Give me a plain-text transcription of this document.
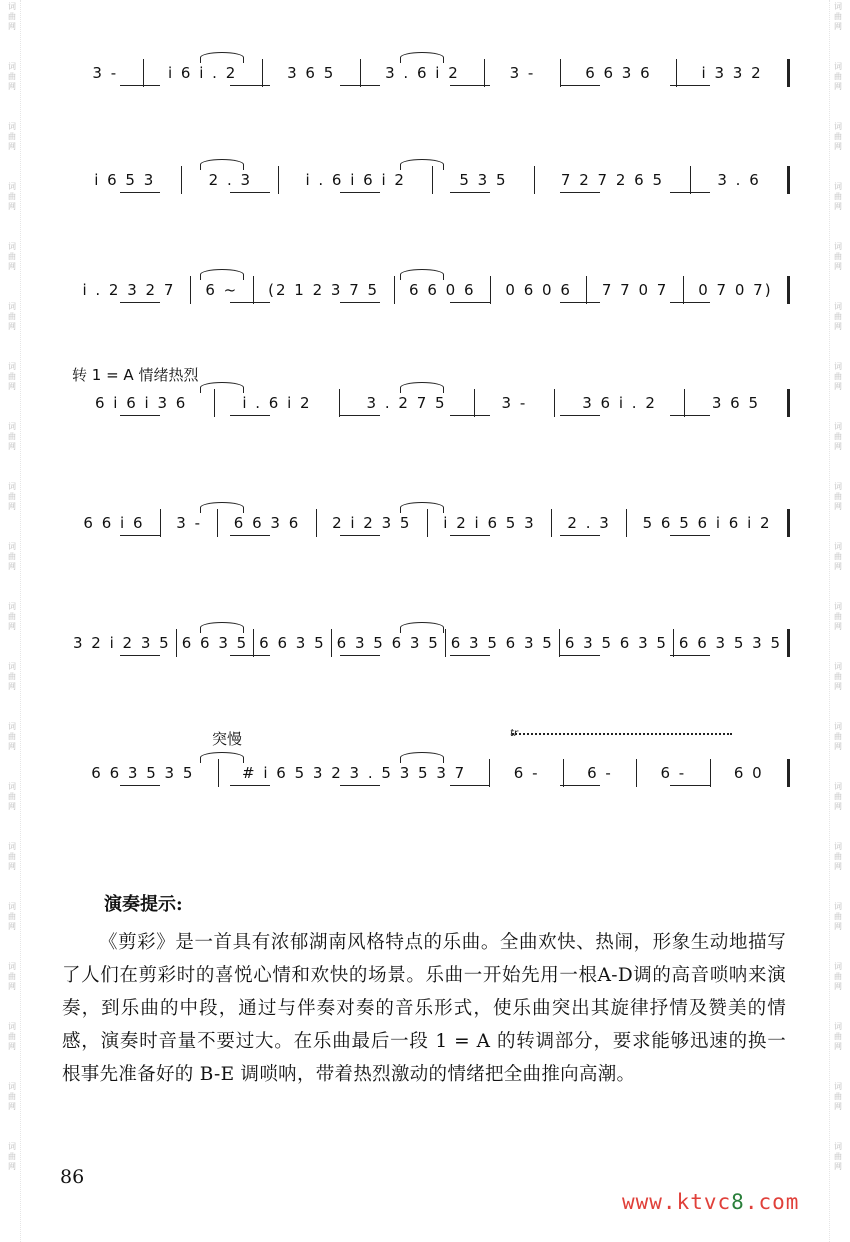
词
曲
网
词
曲
网
词
曲
网
词
曲
网
词
曲
网
词
曲
网
词
曲
网
词
曲
网
词
曲
网
词
曲
网
词
曲
网
词
曲
网
词
曲
网
词
曲
网
词
曲
网
词
曲
网
词
曲
网
词
曲
网
词
曲
网
词
曲
网
词
曲
网
词
曲
网
词
曲
网
词
曲
网
词
曲
网
词
曲
网
词
曲
网
词
曲
网
词
曲
网
词
曲
网
词
曲
网
词
曲
网
词
曲
网
词
曲
网
词
曲
网
词
曲
网
词
曲
网
词
曲
网
词
曲
网
词
曲
网
3 -	i 6 i . 2	3 6 5	3 . 6 i 2	3 -	6 6 3 6	i 3 3 2
i 6 5 3	2 . 3	i . 6 i 6 i 2	5 3 5	7 2 7 2 6 5	3 . 6
i . 2 3 2 7	6 ~	(2 1 2 3 7 5	6 6 0 6	0 6 0 6	7 7 0 7	0 7 0 7)
6 i 6 i 3 6	i . 6 i 2	3 . 2 7 5	3 -	3 6 i . 2	3 6 5
6 6 i 6	3 -	6 6 3 6	2 i 2 3 5	i 2 i 6 5 3	2 . 3	5 6 5 6 i 6 i 2
3 2 i 2 3 5 6 6 3 5 6 6 3 5 6 3 5 6 3 5 6 3 5 6 3 5 6 3 5 6 3 5 6 6 3 5 3 5
6 6 3 5 3 5	# i 6 5 3 2 3 . 5 3 5 3 7	6 -	6 -	6 -	6 0
转 1 = A 情绪热烈
突慢	tr
演奏提示:
《剪彩》是一首具有浓郁湖南风格特点的乐曲。全曲欢快、热闹，形象生动地描写了人们在剪彩时的喜悦心情和欢快的场景。乐曲一开始先用一根A-D调的高音唢呐来演奏，到乐曲的中段，通过与伴奏对奏的音乐形式，使乐曲突出其旋律抒情及赞美的情感，演奏时音量不要过大。在乐曲最后一段 1 = A 的转调部分，要求能够迅速的换一根事先准备好的 B-E 调唢呐，带着热烈激动的情绪把全曲推向高潮。
86
www.ktvc8.com
